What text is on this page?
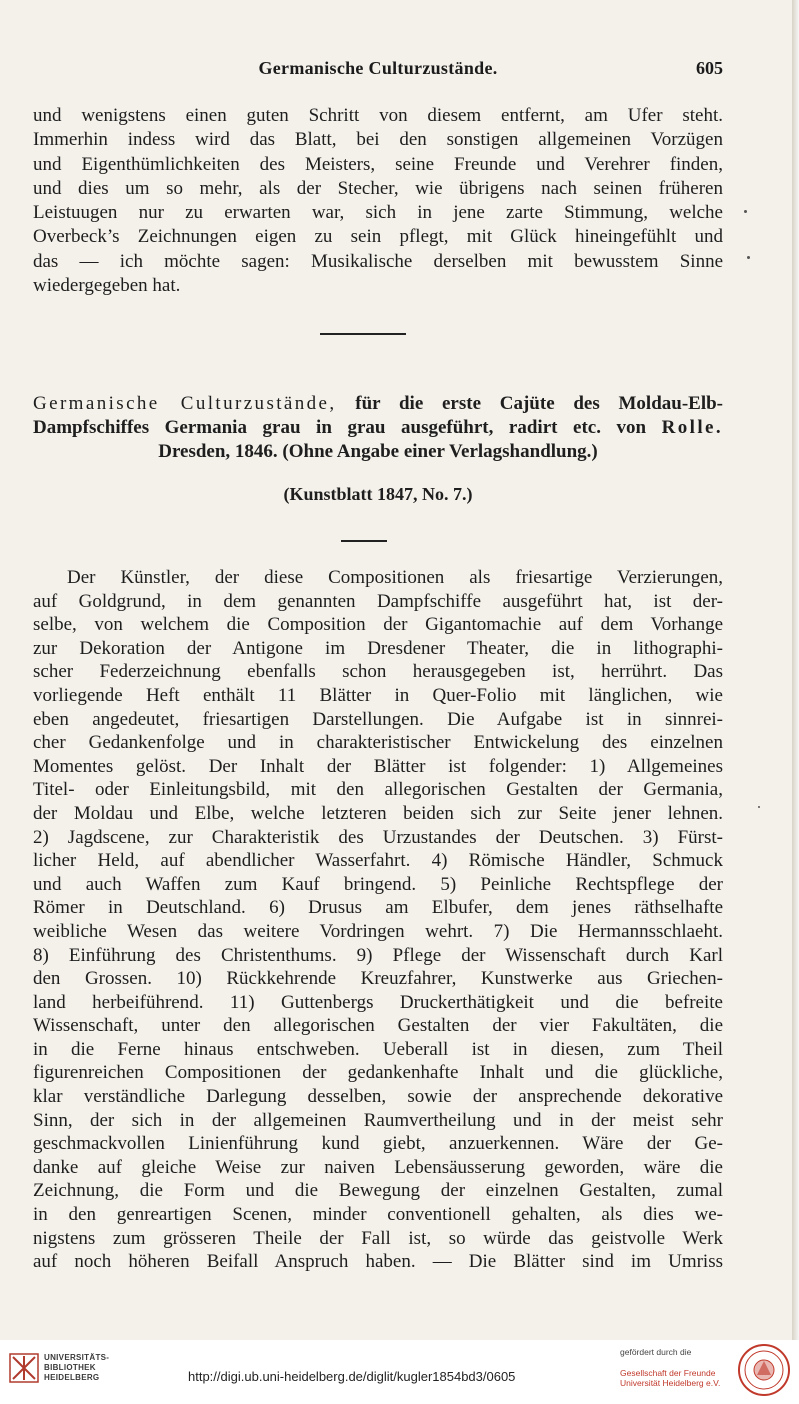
Germanische Culturzustände.	605
und wenigstens einen guten Schritt von diesem entfernt, am Ufer steht.
Immerhin indess wird das Blatt, bei den sonstigen allgemeinen Vorzügen
und Eigenthümlichkeiten des Meisters, seine Freunde und Verehrer finden,
und dies um so mehr, als der Stecher, wie übrigens nach seinen früheren
Leistuugen nur zu erwarten war, sich in jene zarte Stimmung, welche
Overbeck’s Zeichnungen eigen zu sein pflegt, mit Glück hineingefühlt und
das — ich möchte sagen: Musikalische derselben mit bewusstem Sinne
wiedergegeben hat.
Germanische Culturzustände, für die erste Cajüte des Moldau-Elb-
Dampfschiffes Germania grau in grau ausgeführt, radirt etc. von Rolle.
Dresden, 1846. (Ohne Angabe einer Verlagshandlung.)
(Kunstblatt 1847, No. 7.)
Der Künstler, der diese Compositionen als friesartige Verzierungen,
auf Goldgrund, in dem genannten Dampfschiffe ausgeführt hat, ist der-
selbe, von welchem die Composition der Gigantomachie auf dem Vorhange
zur Dekoration der Antigone im Dresdener Theater, die in lithographi-
scher Federzeichnung ebenfalls schon herausgegeben ist, herrührt. Das
vorliegende Heft enthält 11 Blätter in Quer-Folio mit länglichen, wie
eben angedeutet, friesartigen Darstellungen. Die Aufgabe ist in sinnrei-
cher Gedankenfolge und in charakteristischer Entwickelung des einzelnen
Momentes gelöst. Der Inhalt der Blätter ist folgender: 1) Allgemeines
Titel- oder Einleitungsbild, mit den allegorischen Gestalten der Germania,
der Moldau und Elbe, welche letzteren beiden sich zur Seite jener lehnen.
2) Jagdscene, zur Charakteristik des Urzustandes der Deutschen. 3) Fürst-
licher Held, auf abendlicher Wasserfahrt. 4) Römische Händler, Schmuck
und auch Waffen zum Kauf bringend. 5) Peinliche Rechtspflege der
Römer in Deutschland. 6) Drusus am Elbufer, dem jenes räthselhafte
weibliche Wesen das weitere Vordringen wehrt. 7) Die Hermannsschlaeht.
8) Einführung des Christenthums. 9) Pflege der Wissenschaft durch Karl
den Grossen. 10) Rückkehrende Kreuzfahrer, Kunstwerke aus Griechen-
land herbeiführend. 11) Guttenbergs Druckerthätigkeit und die befreite
Wissenschaft, unter den allegorischen Gestalten der vier Fakultäten, die
in die Ferne hinaus entschweben. Ueberall ist in diesen, zum Theil
figurenreichen Compositionen der gedankenhafte Inhalt und die glückliche,
klar verständliche Darlegung desselben, sowie der ansprechende dekorative
Sinn, der sich in der allgemeinen Raumvertheilung und in der meist sehr
geschmackvollen Linienführung kund giebt, anzuerkennen. Wäre der Ge-
danke auf gleiche Weise zur naiven Lebensäusserung geworden, wäre die
Zeichnung, die Form und die Bewegung der einzelnen Gestalten, zumal
in den genreartigen Scenen, minder conventionell gehalten, als dies we-
nigstens zum grösseren Theile der Fall ist, so würde das geistvolle Werk
auf noch höheren Beifall Anspruch haben. — Die Blätter sind im Umriss
UNIVERSITÄTS-
BIBLIOTHEK
HEIDELBERG	http://digi.ub.uni-heidelberg.de/diglit/kugler1854bd3/0605
gefördert durch die
Gesellschaft der Freunde
Universität Heidelberg e.V.
